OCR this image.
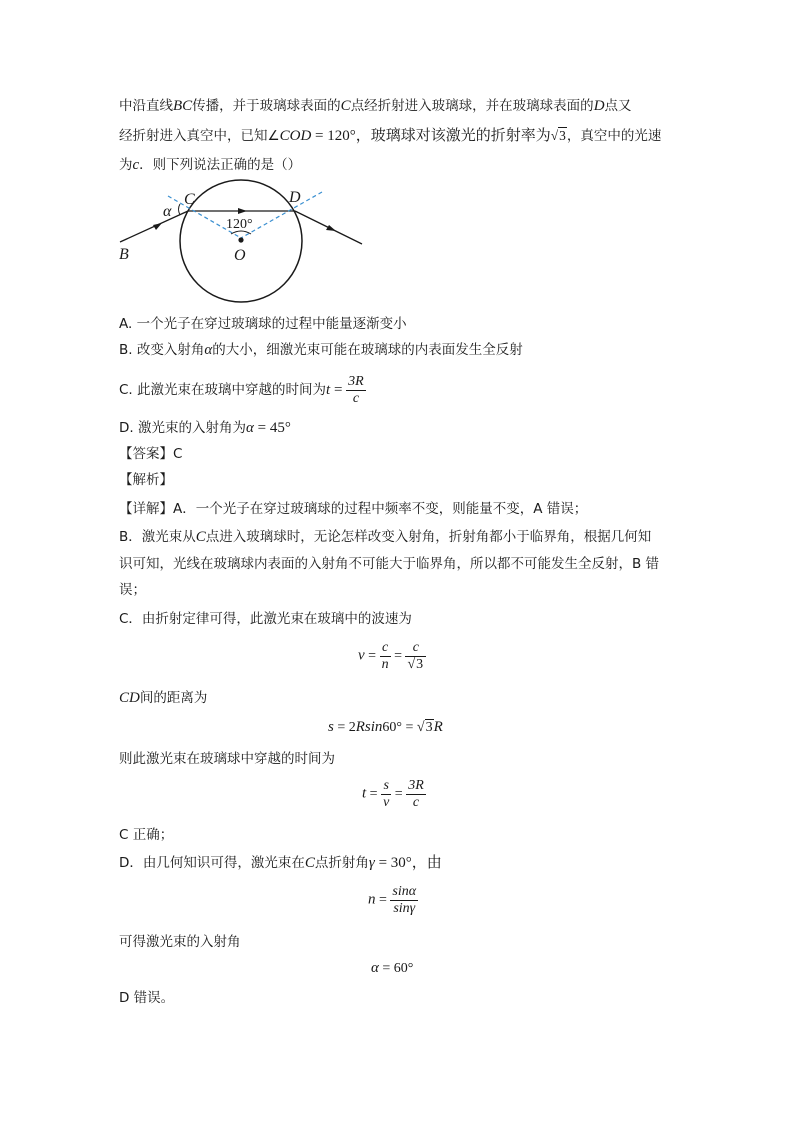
中沿直线BC传播，并于玻璃球表面的C点经折射进入玻璃球，并在玻璃球表面的D点又
经折射进入真空中，已知∠COD = 120°，玻璃球对该激光的折射率为√3，真空中的光速
为c．则下列说法正确的是（）
C	D
α
120°
O
B
A. 一个光子在穿过玻璃球的过程中能量逐渐变小
B. 改变入射角α的大小，细激光束可能在玻璃球的内表面发生全反射
C. 此激光束在玻璃中穿越的时间为$t = \frac{3R}{c}$
D. 激光束的入射角为α = 45°
【答案】C
【解析】
【详解】A．一个光子在穿过玻璃球的过程中频率不变，则能量不变，A 错误；
B．激光束从C点进入玻璃球时，无论怎样改变入射角，折射角都小于临界角，根据几何知
识可知，光线在玻璃球内表面的入射角不可能大于临界角，所以都不可能发生全反射，B 错
误；
C．由折射定律可得，此激光束在玻璃中的波速为
$v = \frac{c}{n} = \frac{c}{√3}$
CD间的距离为
s = 2Rsin60° = √3R
则此激光束在玻璃球中穿越的时间为
$t = \frac{s}{v} = \frac{3R}{c}$
C 正确；
D．由几何知识可得，激光束在C点折射角γ = 30°，由
$n = \frac{\sin\alpha}{\sin\gamma}$
可得激光束的入射角
α = 60°
D 错误。
